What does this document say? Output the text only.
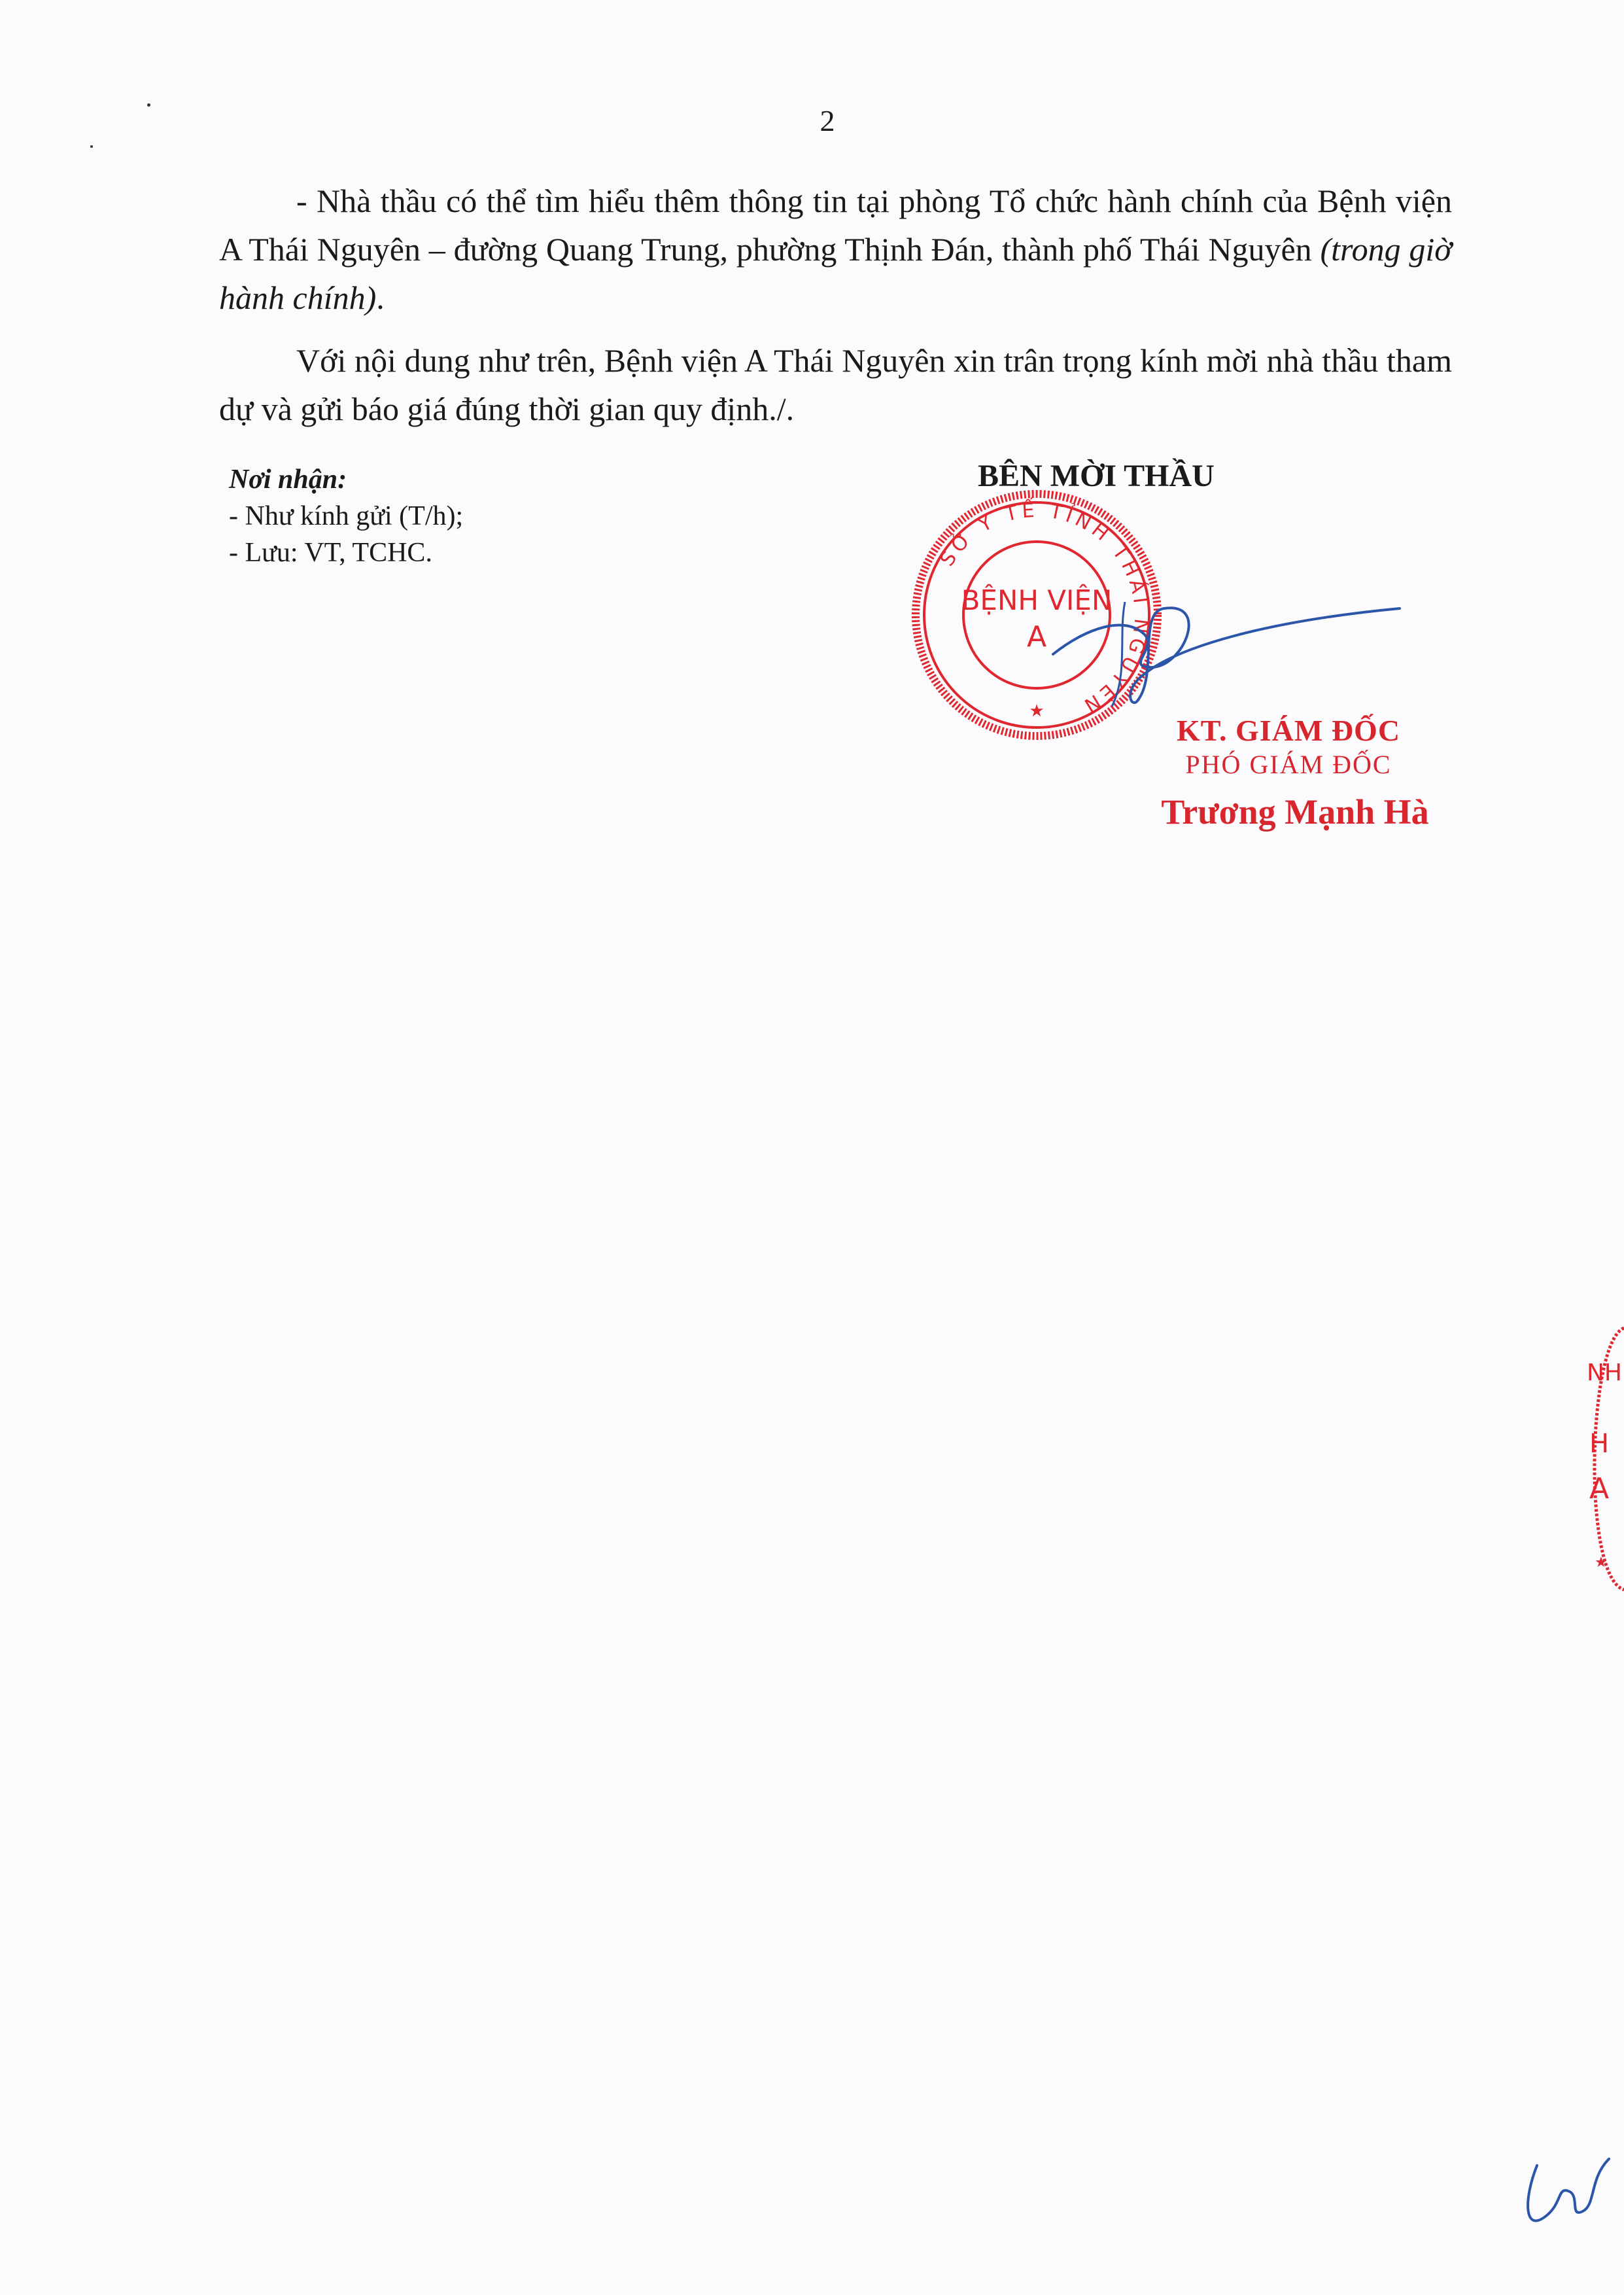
2

- Nhà thầu có thể tìm hiểu thêm thông tin tại phòng Tổ chức hành chính của Bệnh viện A Thái Nguyên – đường Quang Trung, phường Thịnh Đán, thành phố Thái Nguyên (trong giờ hành chính).

Với nội dung như trên, Bệnh viện A Thái Nguyên xin trân trọng kính mời nhà thầu tham dự và gửi báo giá đúng thời gian quy định./.

Nơi nhận:
- Như kính gửi (T/h);
- Lưu: VT, TCHC.
BÊN MỜI THẦU
SỞ Y TẾ TỈNH THÁI NGUYÊN
BỆNH VIỆN
A
★
KT. GIÁM ĐỐC
PHÓ GIÁM ĐỐC
Trương Mạnh Hà
NH
H
A
★
